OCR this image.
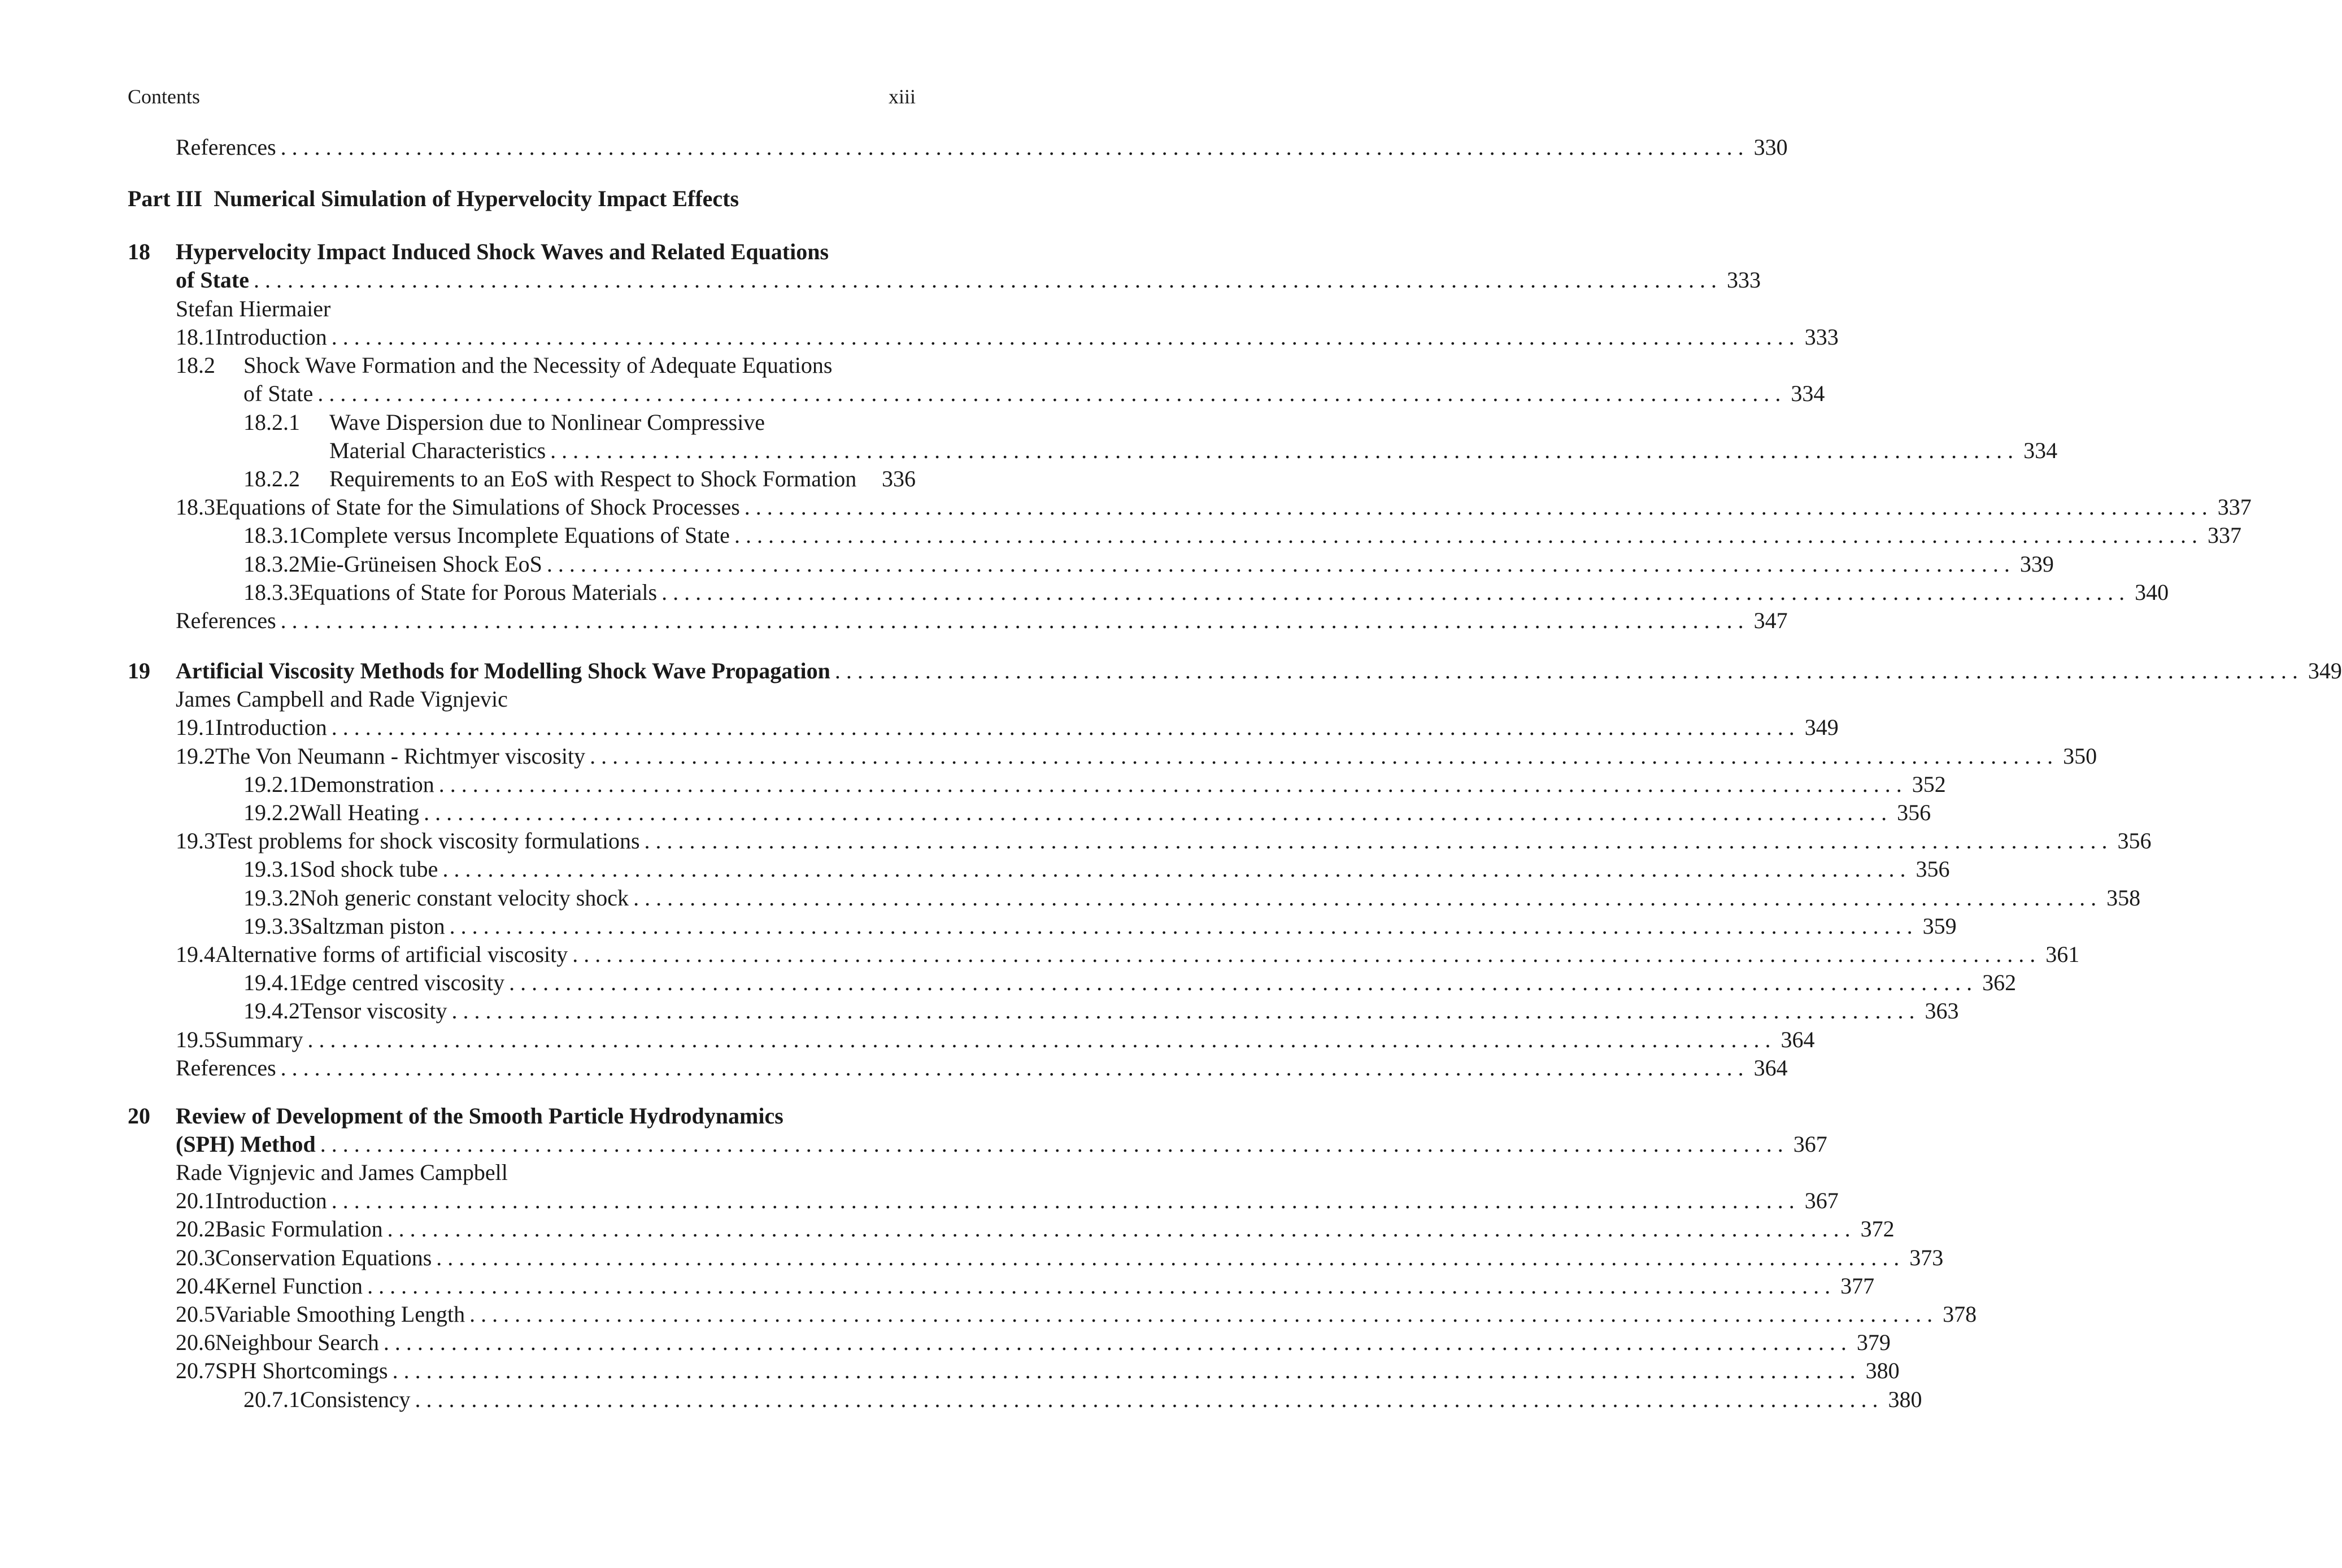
Contents	xiii
References .................................................................................................................................. 330
Part III  Numerical Simulation of Hypervelocity Impact Effects
18 Hypervelocity Impact Induced Shock Waves and Related Equations
of State .................................................................................................................................. 333
Stefan Hiermaier
18.1 Introduction .................................................................................................................................. 333
18.2 Shock Wave Formation and the Necessity of Adequate Equations
of State .................................................................................................................................. 334
18.2.1 Wave Dispersion due to Nonlinear Compressive
Material Characteristics .................................................................................................................................. 334
18.2.2	Requirements to an EoS with Respect to Shock Formation 336
18.3 Equations of State for the Simulations of Shock Processes .................................................................................................................................. 337
18.3.1 Complete versus Incomplete Equations of State .................................................................................................................................. 337
18.3.2 Mie-Grüneisen Shock EoS .................................................................................................................................. 339
18.3.3 Equations of State for Porous Materials .................................................................................................................................. 340
References .................................................................................................................................. 347
19 Artificial Viscosity Methods for Modelling Shock Wave Propagation .................................................................................................................................. 349
James Campbell and Rade Vignjevic
19.1 Introduction .................................................................................................................................. 349
19.2 The Von Neumann - Richtmyer viscosity .................................................................................................................................. 350
19.2.1 Demonstration .................................................................................................................................. 352
19.2.2 Wall Heating .................................................................................................................................. 356
19.3 Test problems for shock viscosity formulations .................................................................................................................................. 356
19.3.1 Sod shock tube .................................................................................................................................. 356
19.3.2 Noh generic constant velocity shock .................................................................................................................................. 358
19.3.3 Saltzman piston .................................................................................................................................. 359
19.4 Alternative forms of artificial viscosity .................................................................................................................................. 361
19.4.1 Edge centred viscosity .................................................................................................................................. 362
19.4.2 Tensor viscosity .................................................................................................................................. 363
19.5 Summary .................................................................................................................................. 364
References .................................................................................................................................. 364
20 Review of Development of the Smooth Particle Hydrodynamics
(SPH) Method .................................................................................................................................. 367
Rade Vignjevic and James Campbell
20.1 Introduction .................................................................................................................................. 367
20.2 Basic Formulation .................................................................................................................................. 372
20.3 Conservation Equations .................................................................................................................................. 373
20.4 Kernel Function .................................................................................................................................. 377
20.5 Variable Smoothing Length .................................................................................................................................. 378
20.6 Neighbour Search .................................................................................................................................. 379
20.7 SPH Shortcomings .................................................................................................................................. 380
20.7.1 Consistency .................................................................................................................................. 380
